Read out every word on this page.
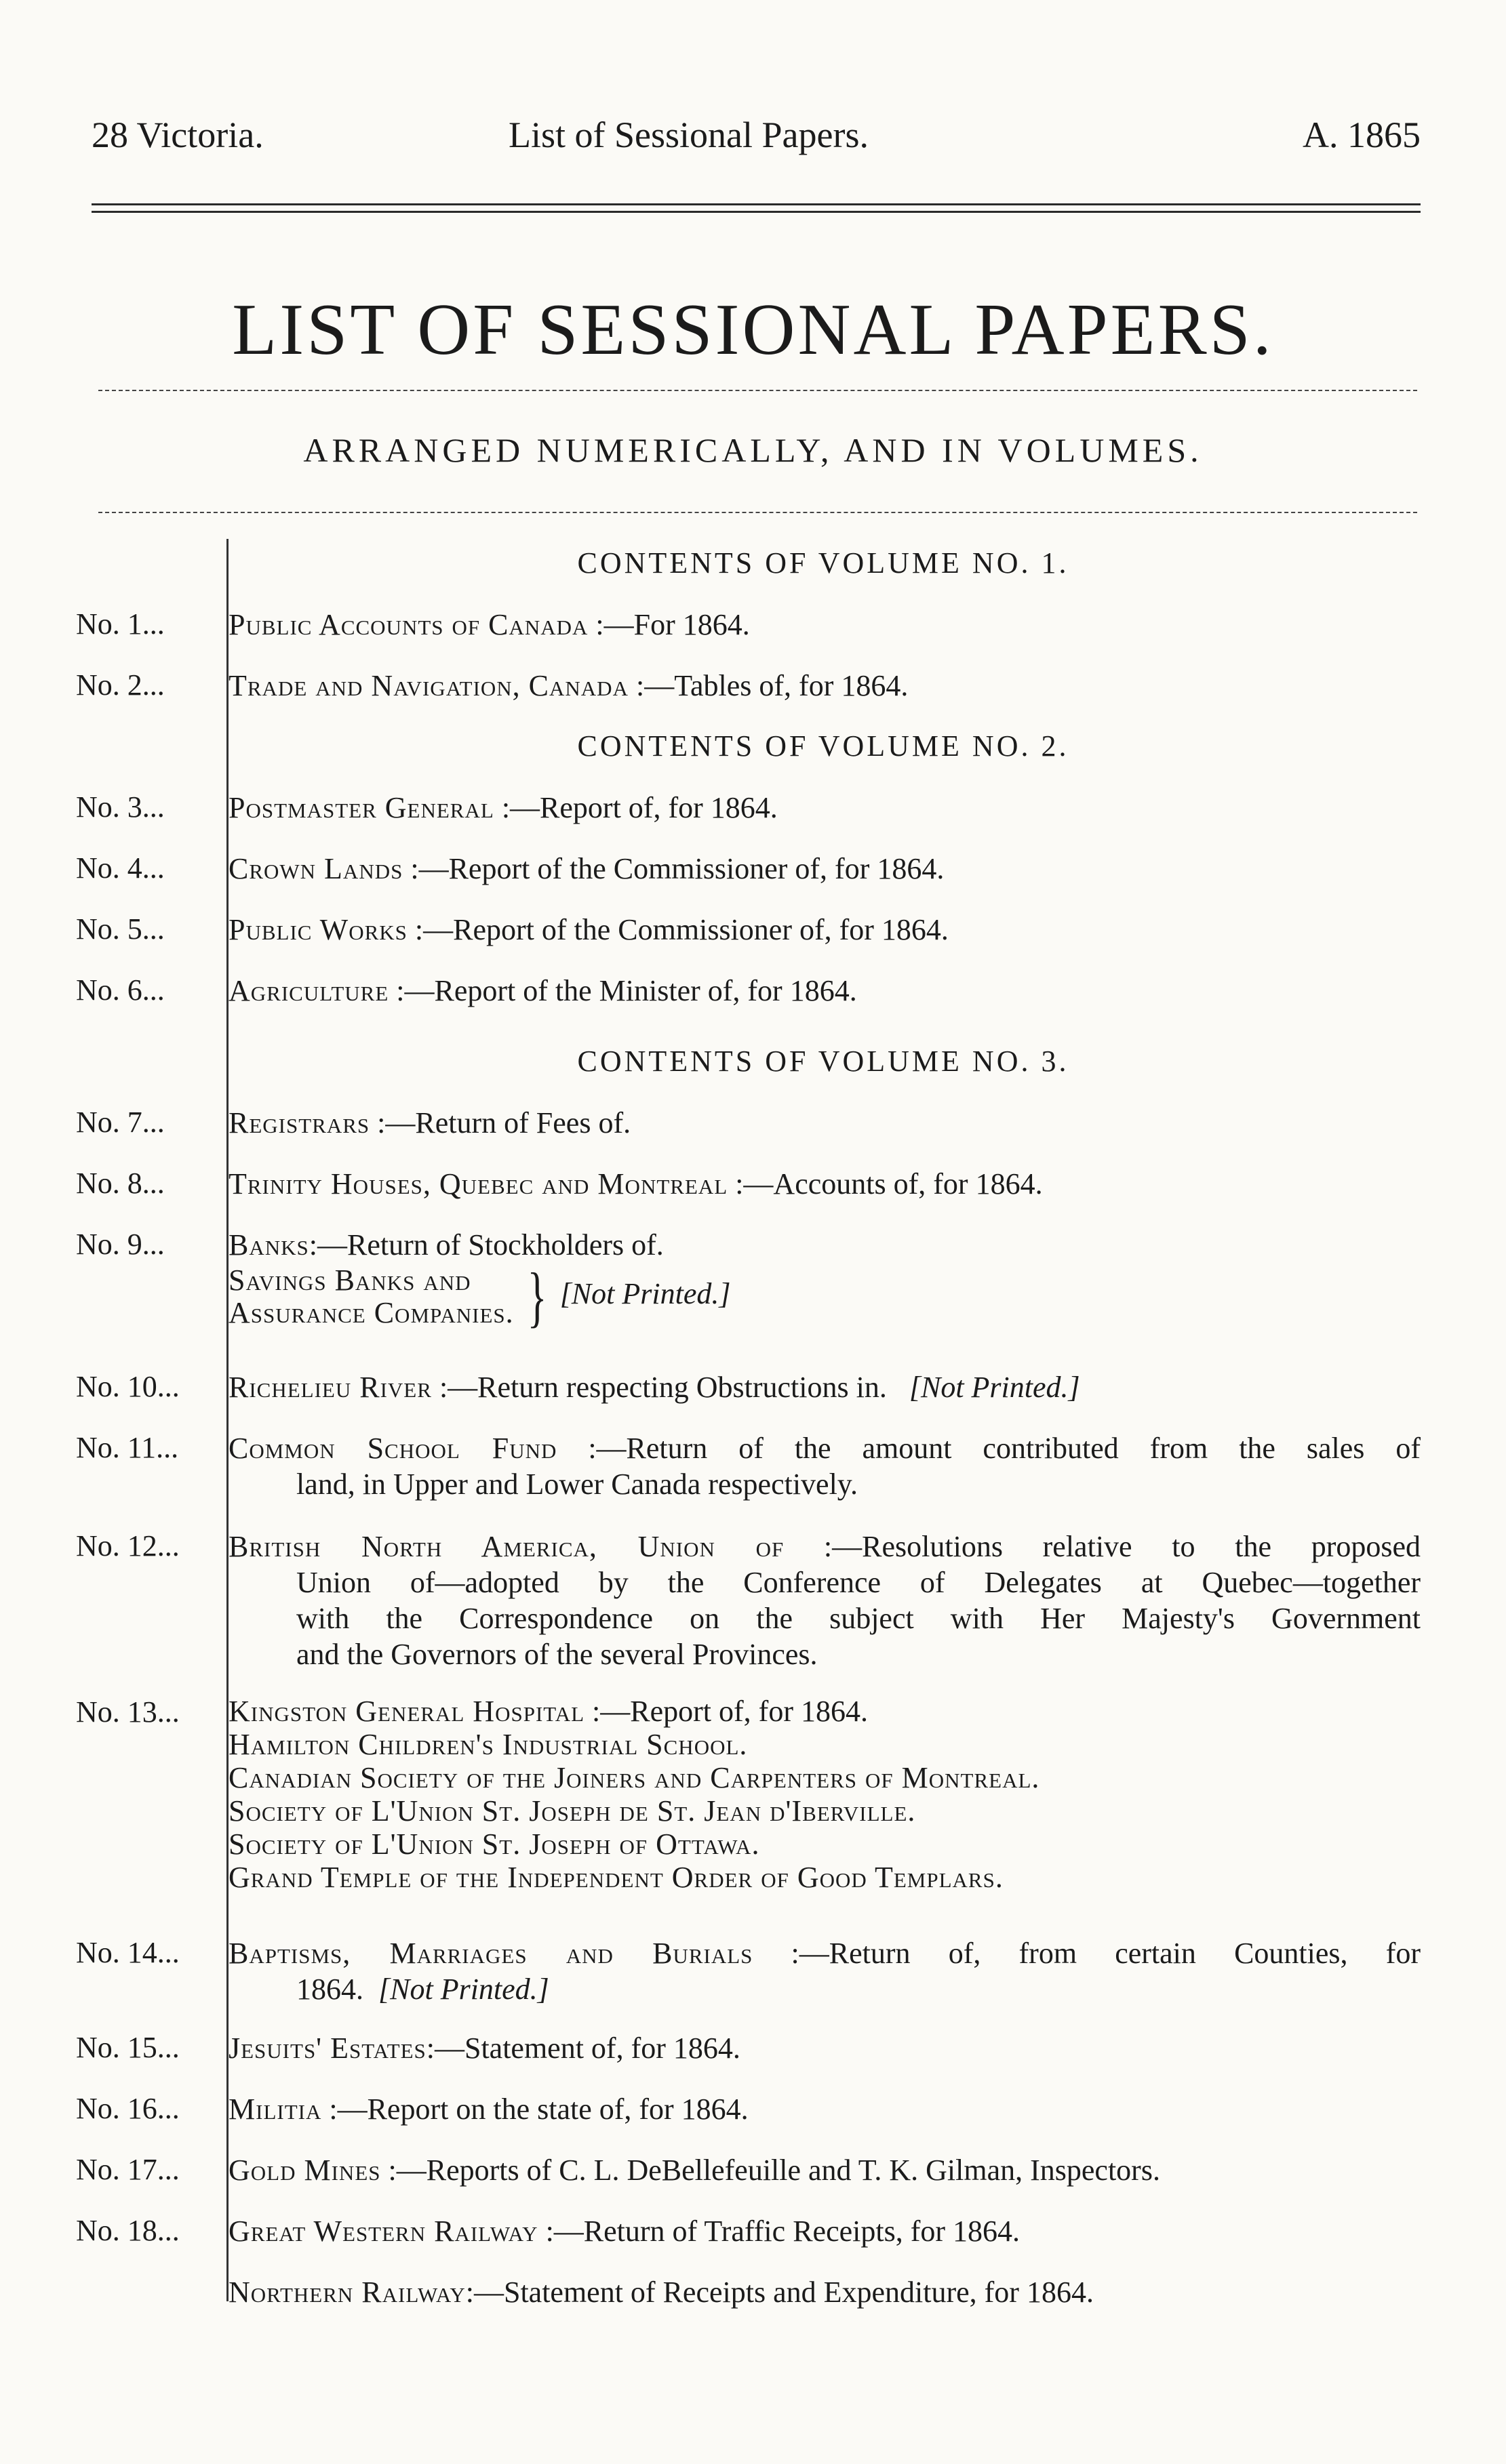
28 Victoria.	List of Sessional Papers.	A. 1865
LIST OF SESSIONAL PAPERS.
ARRANGED NUMERICALLY, AND IN VOLUMES.
CONTENTS OF VOLUME NO. 1.
No. 1...	Public Accounts of Canada :—For 1864.
No. 2...	Trade and Navigation, Canada :—Tables of, for 1864.
CONTENTS OF VOLUME NO. 2.
No. 3...	Postmaster General :—Report of, for 1864.
No. 4...	Crown Lands :—Report of the Commissioner of, for 1864.
No. 5...	Public Works :—Report of the Commissioner of, for 1864.
No. 6...	Agriculture :—Report of the Minister of, for 1864.
CONTENTS OF VOLUME NO. 3.
No. 7...	Registrars :—Return of Fees of.
No. 8...	Trinity Houses, Quebec and Montreal :—Accounts of, for 1864.
No. 9...	Banks:—Return of Stockholders of.
Savings Banks and
Assurance Companies. } [Not Printed.]
No. 10...	Richelieu River :—Return respecting Obstructions in. [Not Printed.]
No. 11...	Common School Fund :—Return of the amount contributed from the sales of
land, in Upper and Lower Canada respectively.
No. 12...	British North America, Union of :—Resolutions relative to the proposed
Union of—adopted by the Conference of Delegates at Quebec—together
with the Correspondence on the subject with Her Majesty's Government
and the Governors of the several Provinces.
No. 13...	Kingston General Hospital :—Report of, for 1864.
Hamilton Children's Industrial School.
Canadian Society of the Joiners and Carpenters of Montreal.
Society of L'Union St. Joseph de St. Jean d'Iberville.
Society of L'Union St. Joseph of Ottawa.
Grand Temple of the Independent Order of Good Templars.
No. 14...	Baptisms, Marriages and Burials :—Return of, from certain Counties, for
1864. [Not Printed.]
No. 15...	Jesuits' Estates:—Statement of, for 1864.
No. 16...	Militia :—Report on the state of, for 1864.
No. 17...	Gold Mines :—Reports of C. L. DeBellefeuille and T. K. Gilman, Inspectors.
No. 18...	Great Western Railway :—Return of Traffic Receipts, for 1864.
Northern Railway:—Statement of Receipts and Expenditure, for 1864.
